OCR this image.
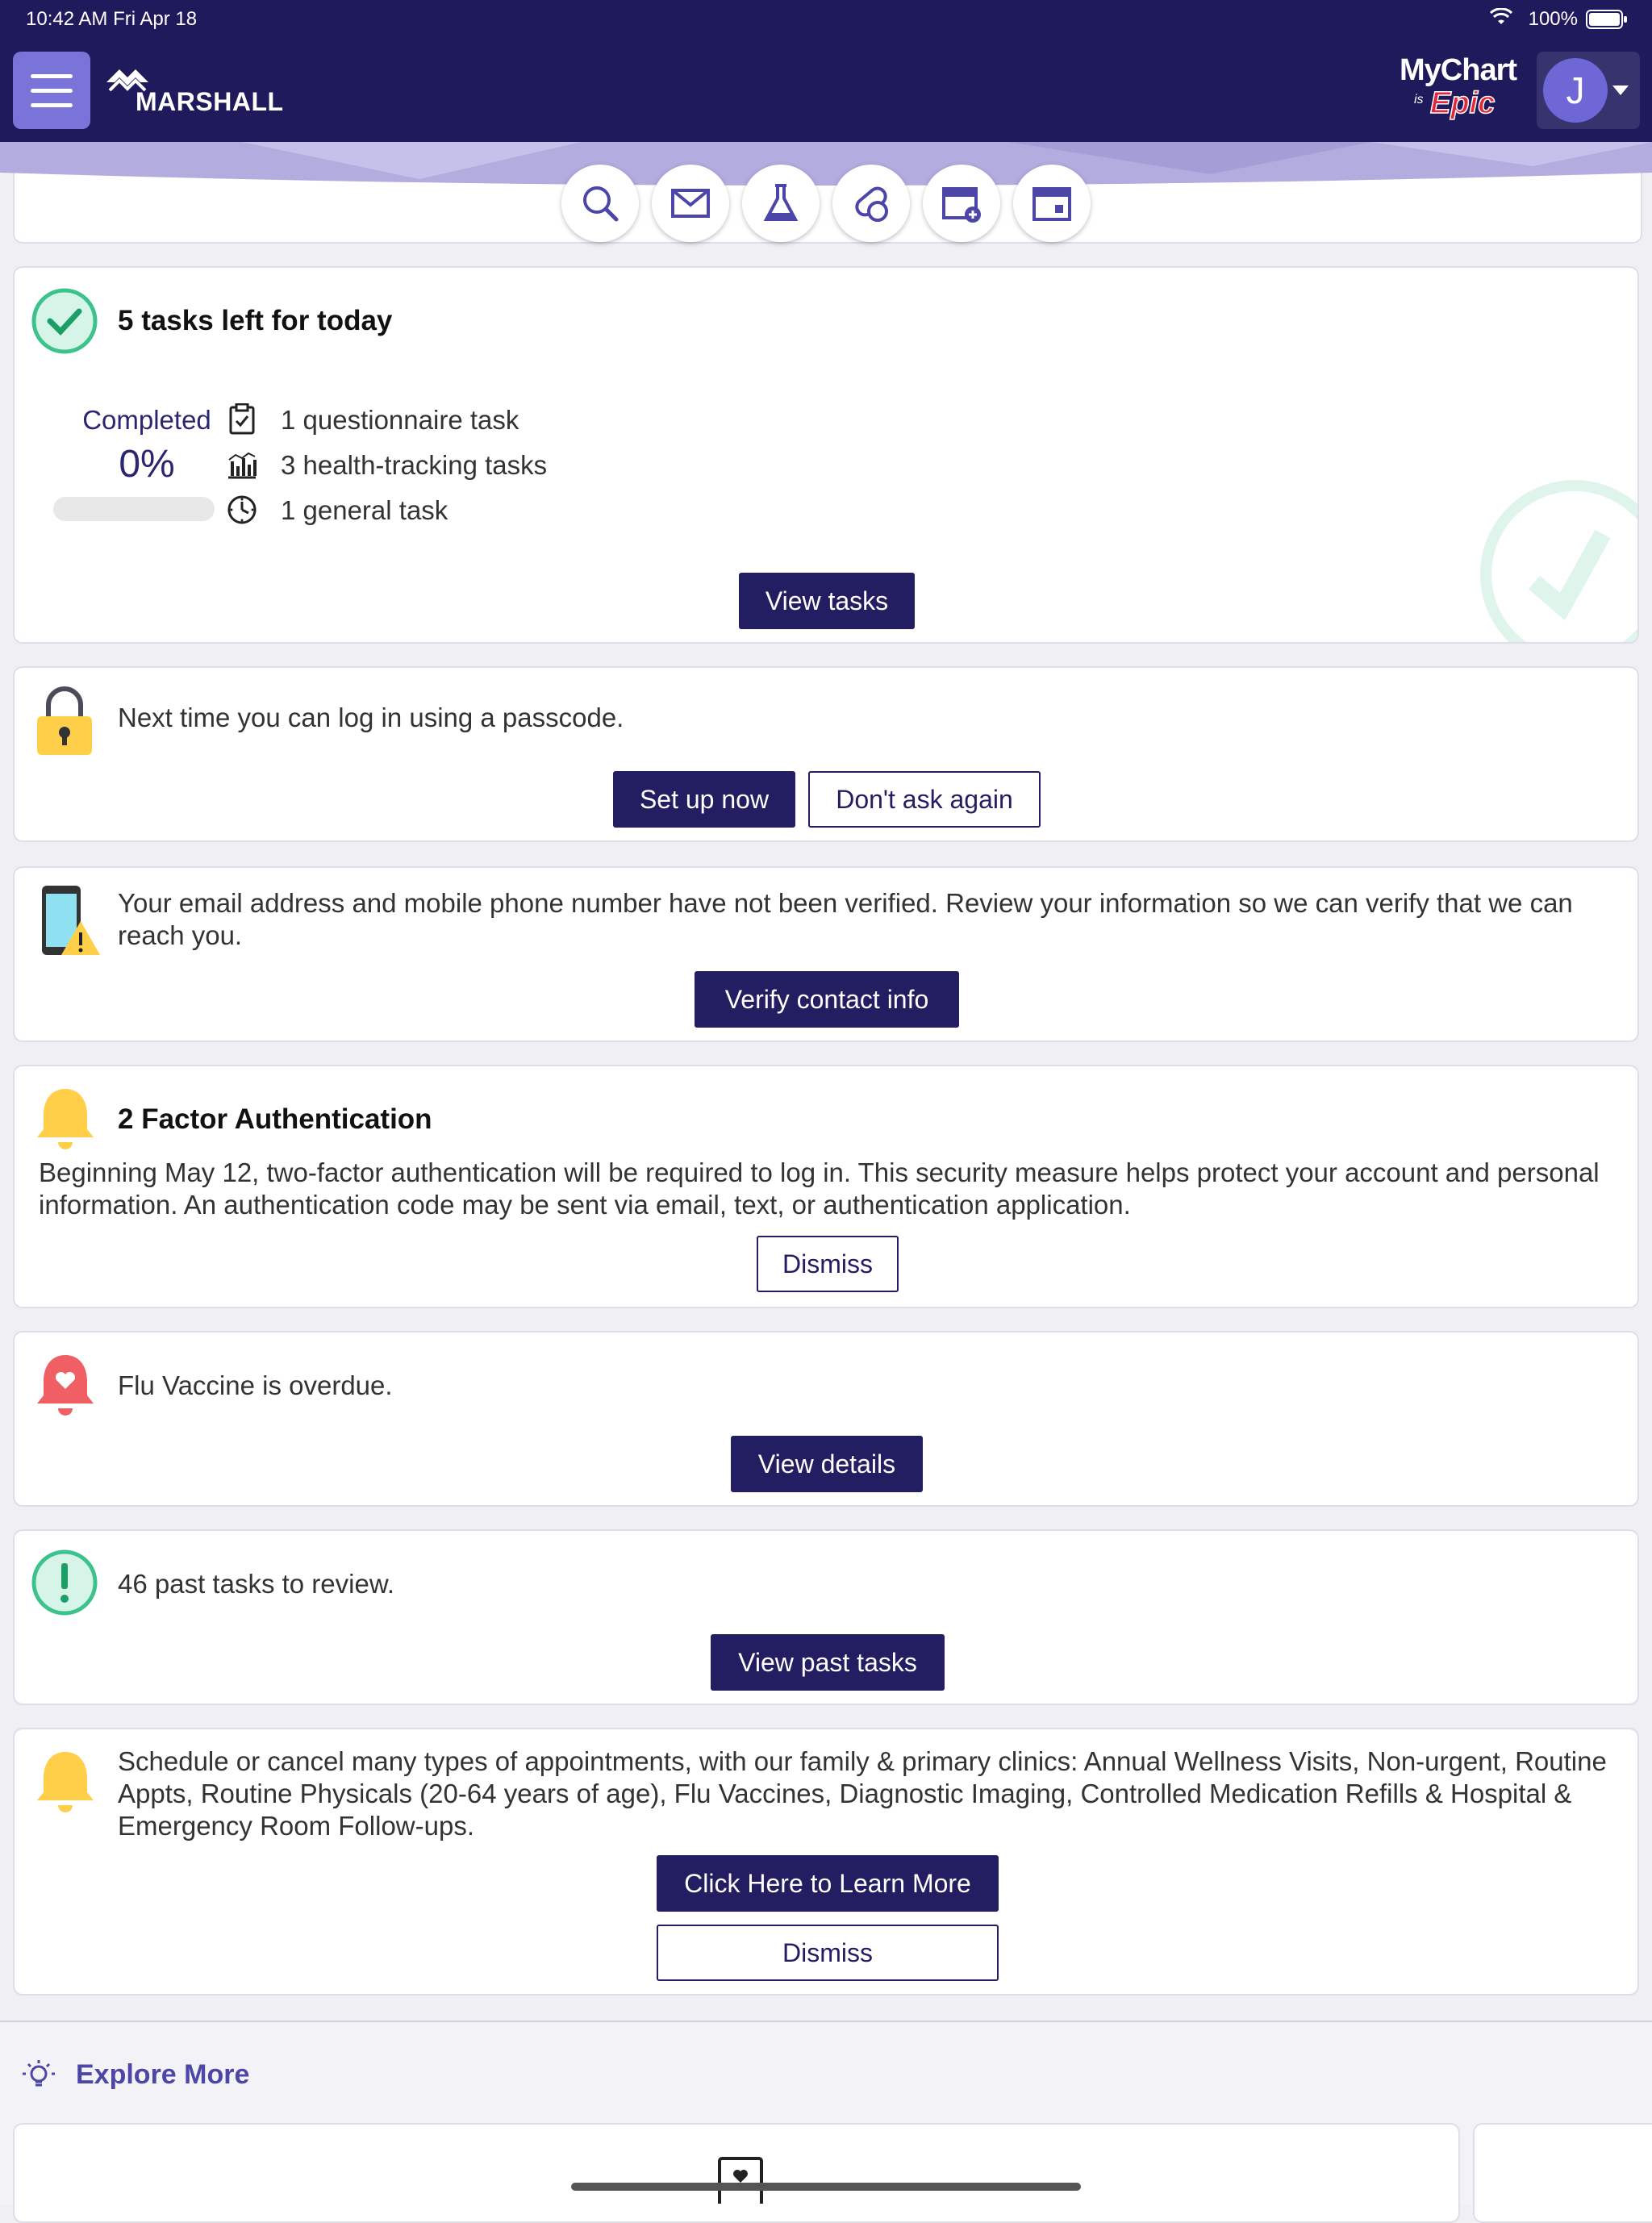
10:42 AM Fri Apr 18	100%
MARSHALL
MyChart
is Epic	J
5 tasks left for today
Completed
0%
1 questionnaire task
3 health-tracking tasks
1 general task
View tasks
Next time you can log in using a passcode.
Set up now	Don't ask again
Your email address and mobile phone number have not been verified. Review your information so we can verify that we can reach you.
Verify contact info
2 Factor Authentication
Beginning May 12, two-factor authentication will be required to log in. This security measure helps protect your account and personal information. An authentication code may be sent via email, text, or authentication application.
Dismiss
Flu Vaccine is overdue.
View details
46 past tasks to review.
View past tasks
Schedule or cancel many types of appointments, with our family & primary clinics: Annual Wellness Visits, Non-urgent, Routine Appts, Routine Physicals (20-64 years of age), Flu Vaccines, Diagnostic Imaging, Controlled Medication Refills & Hospital & Emergency Room Follow-ups.
Click Here to Learn More
Dismiss
Explore More
